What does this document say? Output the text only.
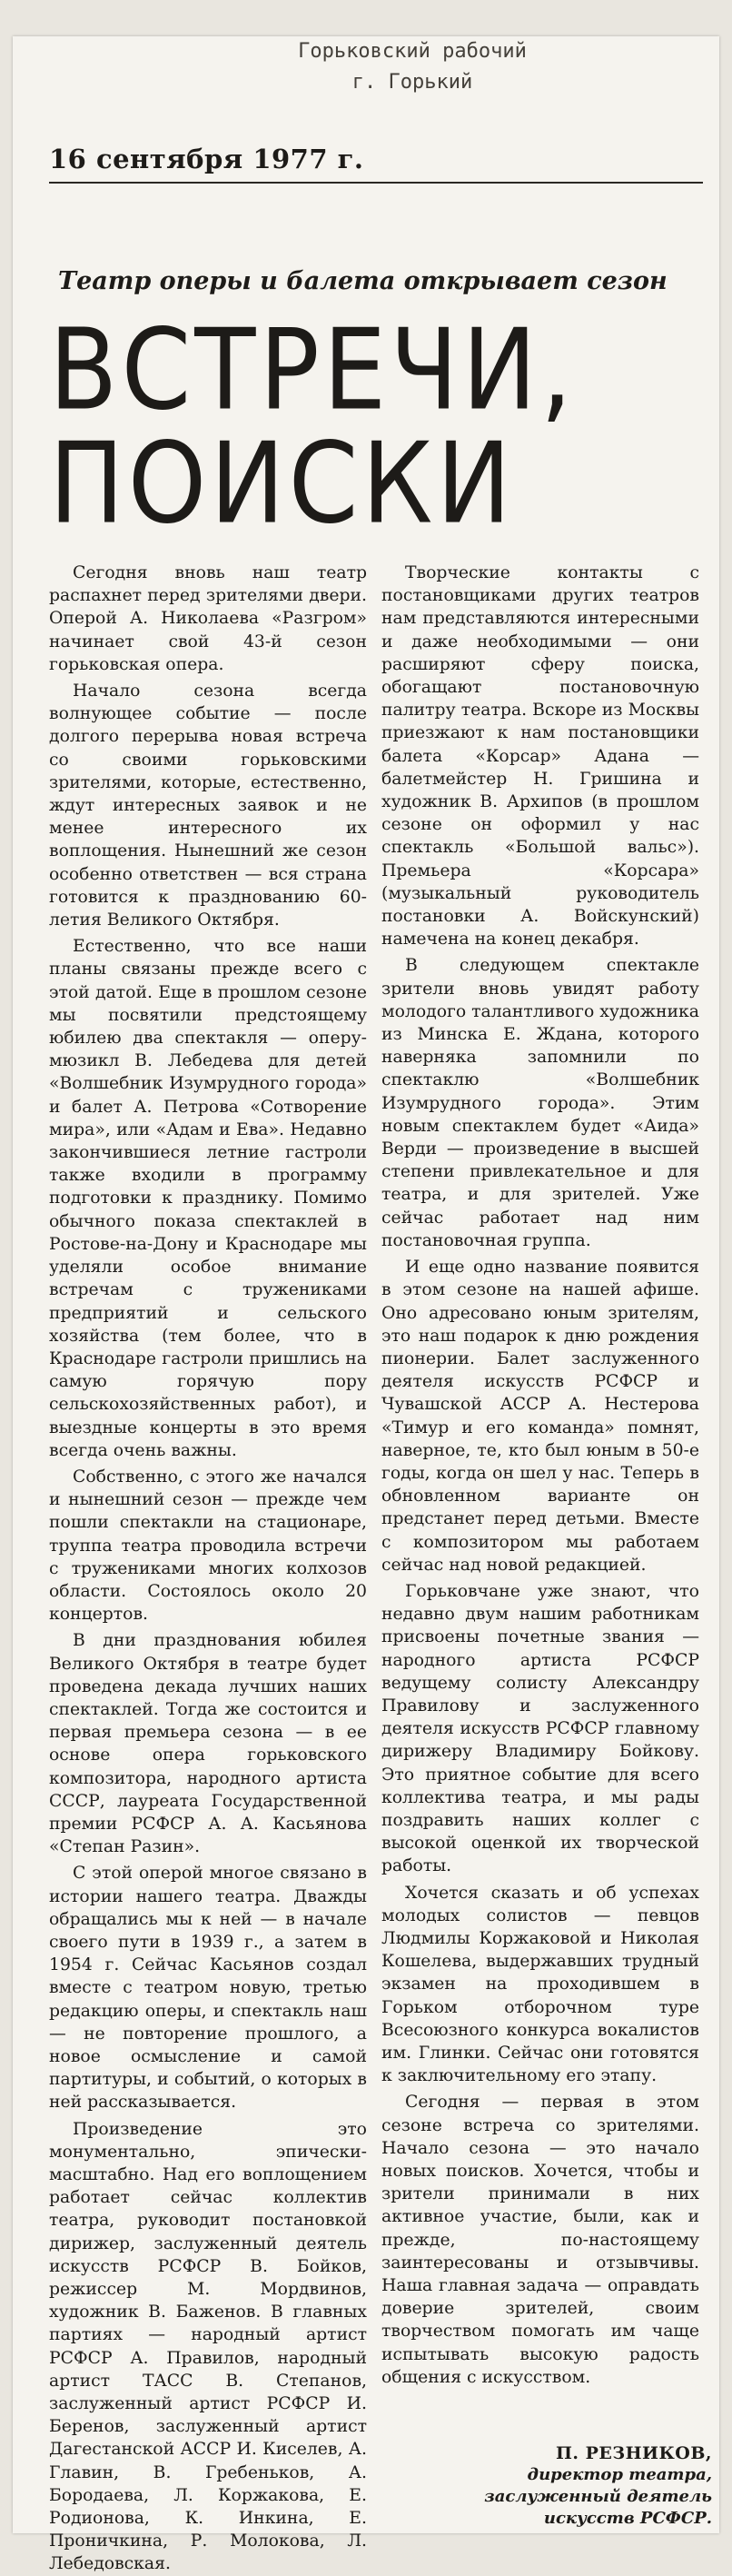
Горьковский рабочий
г. Горький
16 сентября 1977 г.
Театр оперы и балета открывает сезон
ВСТРЕЧИ,
ПОИСКИ

Сегодня вновь наш театр распахнет перед зрителями двери. Оперой А. Николаева «Разгром» начинает свой 43-й сезон горьковская опера.

Начало сезона всегда волнующее событие — после долгого перерыва новая встреча со своими горьковскими зрителями, которые, естественно, ждут интересных заявок и не менее интересного их воплощения. Нынешний же сезон особенно ответствен — вся страна готовится к празднованию 60-летия Великого Октября.

Естественно, что все наши планы связаны прежде всего с этой датой. Еще в прошлом сезоне мы посвятили предстоящему юбилею два спектакля — оперу-мюзикл В. Лебедева для детей «Волшебник Изумрудного города» и балет А. Петрова «Сотворение мира», или «Адам и Ева». Недавно закончившиеся летние гастроли также входили в программу подготовки к празднику. Помимо обычного показа спектаклей в Ростове-на-Дону и Краснодаре мы уделяли особое внимание встречам с тружениками предприятий и сельского хозяйства (тем более, что в Краснодаре гастроли пришлись на самую горячую пору сельскохозяйственных работ), и выездные концерты в это время всегда очень важны.

Собственно, с этого же начался и нынешний сезон — прежде чем пошли спектакли на стационаре, труппа театра проводила встречи с тружениками многих колхозов области. Состоялось около 20 концертов.

В дни празднования юбилея Великого Октября в театре будет проведена декада лучших наших спектаклей. Тогда же состоится и первая премьера сезона — в ее основе опера горьковского композитора, народного артиста СССР, лауреата Государственной премии РСФСР А. А. Касьянова «Степан Разин».

С этой оперой многое связано в истории нашего театра. Дважды обращались мы к ней — в начале своего пути в 1939 г., а затем в 1954 г. Сейчас Касьянов создал вместе с театром новую, третью редакцию оперы, и спектакль наш — не повторение прошлого, а новое осмысление и самой партитуры, и событий, о которых в ней рассказывается.

Произведение это монументально, эпически-масштабно. Над его воплощением работает сейчас коллектив театра, руководит постановкой дирижер, заслуженный деятель искусств РСФСР В. Бойков, режиссер М. Мордвинов, художник В. Баженов. В главных партиях — народный артист РСФСР А. Правилов, народный артист ТАСС В. Степанов, заслуженный артист РСФСР И. Беренов, заслуженный артист Дагестанской АССР И. Киселев, А. Главин, В. Гребеньков, А. Бородаева, Л. Коржакова, Е. Родионова, К. Инкина, Е. Проничкина, Р. Молокова, Л. Лебедовская.

Творческие контакты с постановщиками других театров нам представляются интересными и даже необходимыми — они расширяют сферу поиска, обогащают постановочную палитру театра. Вскоре из Москвы приезжают к нам постановщики балета «Корсар» Адана — балетмейстер Н. Гришина и художник В. Архипов (в прошлом сезоне он оформил у нас спектакль «Большой вальс»). Премьера «Корсара» (музыкальный руководитель постановки А. Войскунский) намечена на конец декабря.

В следующем спектакле зрители вновь увидят работу молодого талантливого художника из Минска Е. Ждана, которого наверняка запомнили по спектаклю «Волшебник Изумрудного города». Этим новым спектаклем будет «Аида» Верди — произведение в высшей степени привлекательное и для театра, и для зрителей. Уже сейчас работает над ним постановочная группа.

И еще одно название появится в этом сезоне на нашей афише. Оно адресовано юным зрителям, это наш подарок к дню рождения пионерии. Балет заслуженного деятеля искусств РСФСР и Чувашской АССР А. Нестерова «Тимур и его команда» помнят, наверное, те, кто был юным в 50-е годы, когда он шел у нас. Теперь в обновленном варианте он предстанет перед детьми. Вместе с композитором мы работаем сейчас над новой редакцией.

Горьковчане уже знают, что недавно двум нашим работникам присвоены почетные звания — народного артиста РСФСР ведущему солисту Александру Правилову и заслуженного деятеля искусств РСФСР главному дирижеру Владимиру Бойкову. Это приятное событие для всего коллектива театра, и мы рады поздравить наших коллег с высокой оценкой их творческой работы.

Хочется сказать и об успехах молодых солистов — певцов Людмилы Коржаковой и Николая Кошелева, выдержавших трудный экзамен на проходившем в Горьком отборочном туре Всесоюзного конкурса вокалистов им. Глинки. Сейчас они готовятся к заключительному его этапу.

Сегодня — первая в этом сезоне встреча со зрителями. Начало сезона — это начало новых поисков. Хочется, чтобы и зрители принимали в них активное участие, были, как и прежде, по-настоящему заинтересованы и отзывчивы. Наша главная задача — оправдать доверие зрителей, своим творчеством помогать им чаще испытывать высокую радость общения с искусством.

П. РЕЗНИКОВ,
директор театра, заслуженный деятель искусств РСФСР.
